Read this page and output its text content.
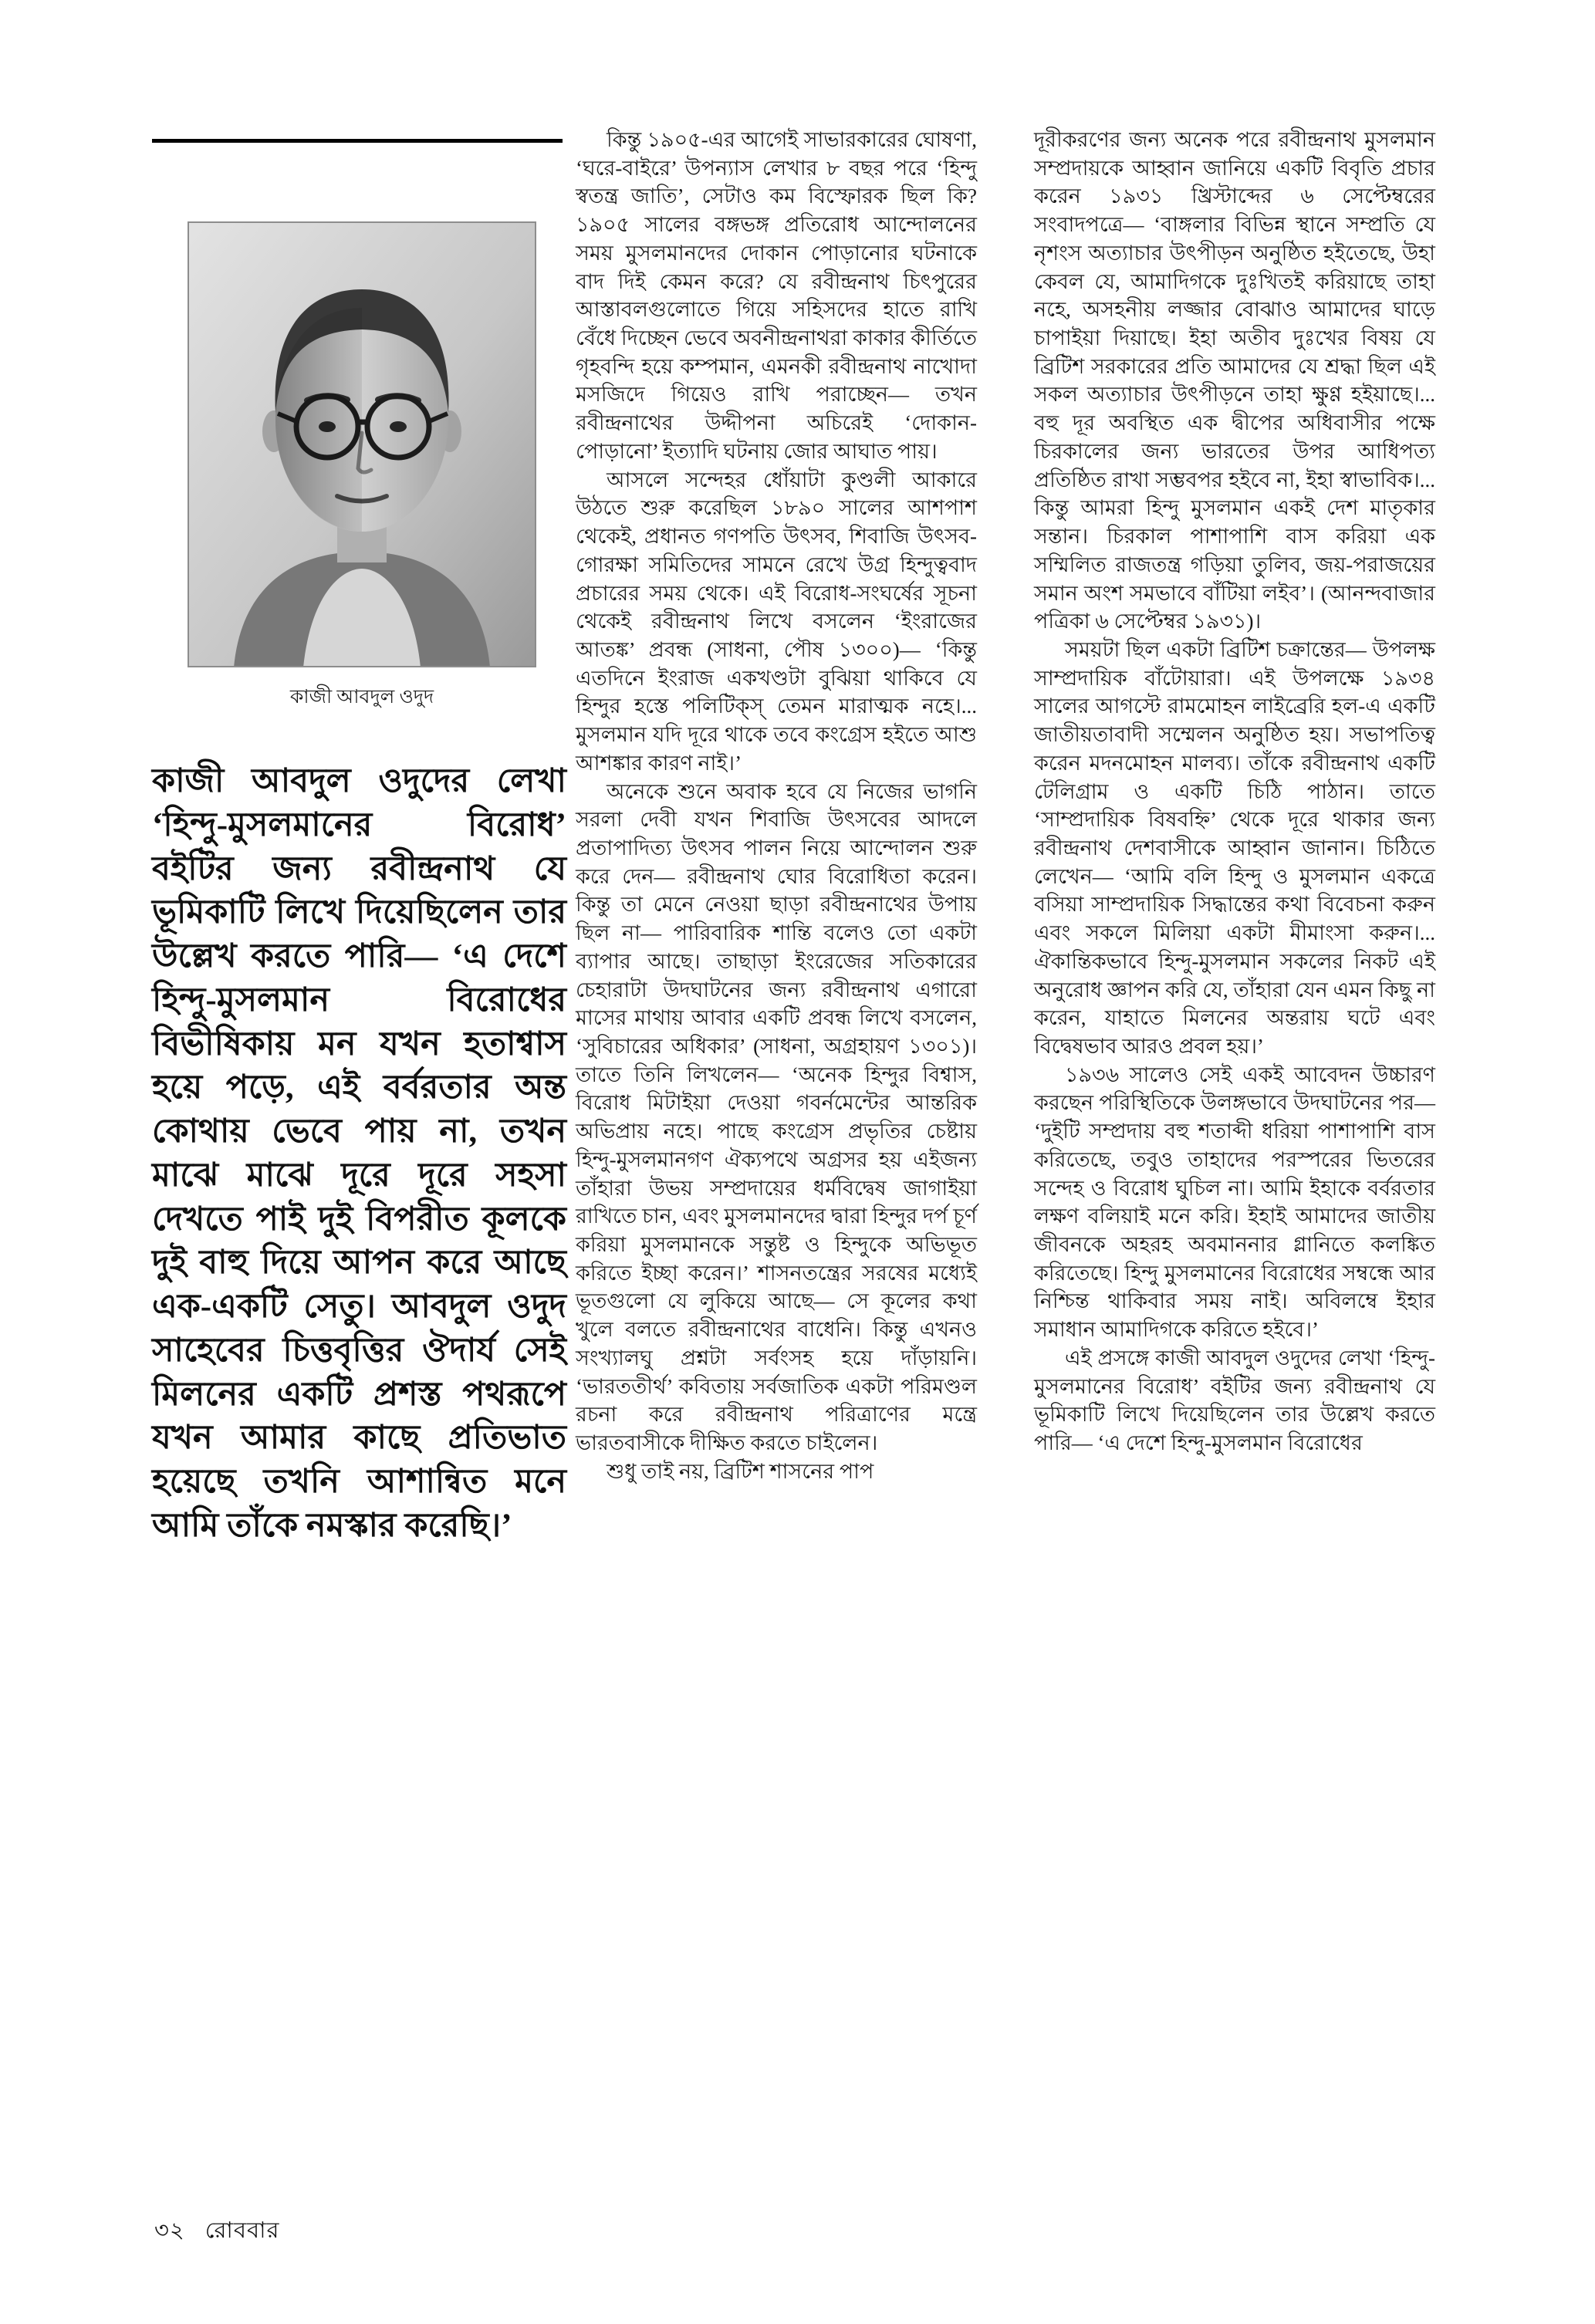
কাজী আবদুল ওদুদ
কাজী আবদুল ওদুদের লেখা ‘হিন্দু-মুসলমানের বিরোধ’ বইটির জন্য রবীন্দ্রনাথ যে ভূমিকাটি লিখে দিয়েছিলেন তার উল্লেখ করতে পারি— ‘এ দেশে হিন্দু-মুসলমান বিরোধের বিভীষিকায় মন যখন হতাশ্বাস হয়ে পড়ে, এই বর্বরতার অন্ত কোথায় ভেবে পায় না, তখন মাঝে মাঝে দূরে দূরে সহসা দেখতে পাই দুই বিপরীত কূলকে দুই বাহু দিয়ে আপন করে আছে এক-একটি সেতু। আবদুল ওদুদ সাহেবের চিত্তবৃত্তির ঔদার্য সেই মিলনের একটি প্রশস্ত পথরূপে যখন আমার কাছে প্রতিভাত হয়েছে তখনি আশান্বিত মনে আমি তাঁকে নমস্কার করেছি।’

কিন্তু ১৯০৫-এর আগেই সাভারকারের ঘোষণা, ‘ঘরে-বাইরে’ উপন্যাস লেখার ৮ বছর পরে ‘হিন্দু স্বতন্ত্র জাতি’, সেটাও কম বিস্ফোরক ছিল কি? ১৯০৫ সালের বঙ্গভঙ্গ প্রতিরোধ আন্দোলনের সময় মুসলমানদের দোকান পোড়ানোর ঘটনাকে বাদ দিই কেমন করে? যে রবীন্দ্রনাথ চিৎপুরের আস্তাবলগুলোতে গিয়ে সহিসদের হাতে রাখি বেঁধে দিচ্ছেন ভেবে অবনীন্দ্রনাথরা কাকার কীর্তিতে গৃহবন্দি হয়ে কম্পমান, এমনকী রবীন্দ্রনাথ নাখোদা মসজিদে গিয়েও রাখি পরাচ্ছেন— তখন রবীন্দ্রনাথের উদ্দীপনা অচিরেই ‘দোকান-পোড়ানো’ ইত্যাদি ঘটনায় জোর আঘাত পায়।

আসলে সন্দেহর ধোঁয়াটা কুণ্ডলী আকারে উঠতে শুরু করেছিল ১৮৯০ সালের আশপাশ থেকেই, প্রধানত গণপতি উৎসব, শিবাজি উৎসব-গোরক্ষা সমিতিদের সামনে রেখে উগ্র হিন্দুত্ববাদ প্রচারের সময় থেকে। এই বিরোধ-সংঘর্ষের সূচনা থেকেই রবীন্দ্রনাথ লিখে বসলেন ‘ইংরাজের আতঙ্ক’ প্রবন্ধ (সাধনা, পৌষ ১৩০০)— ‘কিন্তু এতদিনে ইংরাজ একখণ্ডটা বুঝিয়া থাকিবে যে হিন্দুর হস্তে পলিটিক্স্ তেমন মারাত্মক নহে।... মুসলমান যদি দূরে থাকে তবে কংগ্রেস হইতে আশু আশঙ্কার কারণ নাই।’

অনেকে শুনে অবাক হবে যে নিজের ভাগনি সরলা দেবী যখন শিবাজি উৎসবের আদলে প্রতাপাদিত্য উৎসব পালন নিয়ে আন্দোলন শুরু করে দেন— রবীন্দ্রনাথ ঘোর বিরোধিতা করেন। কিন্তু তা মেনে নেওয়া ছাড়া রবীন্দ্রনাথের উপায় ছিল না— পারিবারিক শান্তি বলেও তো একটা ব্যাপার আছে। তাছাড়া ইংরেজের সতিকারের চেহারাটা উদঘাটনের জন্য রবীন্দ্রনাথ এগারো মাসের মাথায় আবার একটি প্রবন্ধ লিখে বসলেন, ‘সুবিচারের অধিকার’ (সাধনা, অগ্রহায়ণ ১৩০১)। তাতে তিনি লিখলেন— ‘অনেক হিন্দুর বিশ্বাস, বিরোধ মিটাইয়া দেওয়া গবর্নমেন্টের আন্তরিক অভিপ্রায় নহে। পাছে কংগ্রেস প্রভৃতির চেষ্টায় হিন্দু-মুসলমানগণ ঐক্যপথে অগ্রসর হয় এইজন্য তাঁহারা উভয় সম্প্রদায়ের ধর্মবিদ্বেষ জাগাইয়া রাখিতে চান, এবং মুসলমানদের দ্বারা হিন্দুর দর্প চূর্ণ করিয়া মুসলমানকে সন্তুষ্ট ও হিন্দুকে অভিভূত করিতে ইচ্ছা করেন।’ শাসনতন্ত্রের সরষের মধ্যেই ভূতগুলো যে লুকিয়ে আছে— সে কূলের কথা খুলে বলতে রবীন্দ্রনাথের বাধেনি। কিন্তু এখনও সংখ্যালঘু প্রশ্নটা সর্বংসহ হয়ে দাঁড়ায়নি। ‘ভারততীর্থ’ কবিতায় সর্বজাতিক একটা পরিমণ্ডল রচনা করে রবীন্দ্রনাথ পরিত্রাণের মন্ত্রে ভারতবাসীকে দীক্ষিত করতে চাইলেন।

শুধু তাই নয়, ব্রিটিশ শাসনের পাপ

দূরীকরণের জন্য অনেক পরে রবীন্দ্রনাথ মুসলমান সম্প্রদায়কে আহ্বান জানিয়ে একটি বিবৃতি প্রচার করেন ১৯৩১ খ্রিস্টাব্দের ৬ সেপ্টেম্বরের সংবাদপত্রে— ‘বাঙ্গলার বিভিন্ন স্থানে সম্প্রতি যে নৃশংস অত্যাচার উৎপীড়ন অনুষ্ঠিত হইতেছে, উহা কেবল যে, আমাদিগকে দুঃখিতই করিয়াছে তাহা নহে, অসহনীয় লজ্জার বোঝাও আমাদের ঘাড়ে চাপাইয়া দিয়াছে। ইহা অতীব দুঃখের বিষয় যে ব্রিটিশ সরকারের প্রতি আমাদের যে শ্রদ্ধা ছিল এই সকল অত্যাচার উৎপীড়নে তাহা ক্ষুণ্ণ হইয়াছে।... বহু দূর অবস্থিত এক দ্বীপের অধিবাসীর পক্ষে চিরকালের জন্য ভারতের উপর আধিপত্য প্রতিষ্ঠিত রাখা সম্ভবপর হইবে না, ইহা স্বাভাবিক।... কিন্তু আমরা হিন্দু মুসলমান একই দেশ মাতৃকার সন্তান। চিরকাল পাশাপাশি বাস করিয়া এক সম্মিলিত রাজতন্ত্র গড়িয়া তুলিব, জয়-পরাজয়ের সমান অংশ সমভাবে বাঁটিয়া লইব’। (আনন্দবাজার পত্রিকা ৬ সেপ্টেম্বর ১৯৩১)।

সময়টা ছিল একটা ব্রিটিশ চক্রান্তের— উপলক্ষ সাম্প্রদায়িক বাঁটোয়ারা। এই উপলক্ষে ১৯৩৪ সালের আগস্টে রামমোহন লাইব্রেরি হল-এ একটি জাতীয়তাবাদী সম্মেলন অনুষ্ঠিত হয়। সভাপতিত্ব করেন মদনমোহন মালব্য। তাঁকে রবীন্দ্রনাথ একটি টেলিগ্রাম ও একটি চিঠি পাঠান। তাতে ‘সাম্প্রদায়িক বিষবহ্নি’ থেকে দূরে থাকার জন্য রবীন্দ্রনাথ দেশবাসীকে আহ্বান জানান। চিঠিতে লেখেন— ‘আমি বলি হিন্দু ও মুসলমান একত্রে বসিয়া সাম্প্রদায়িক সিদ্ধান্তের কথা বিবেচনা করুন এবং সকলে মিলিয়া একটা মীমাংসা করুন।... ঐকান্তিকভাবে হিন্দু-মুসলমান সকলের নিকট এই অনুরোধ জ্ঞাপন করি যে, তাঁহারা যেন এমন কিছু না করেন, যাহাতে মিলনের অন্তরায় ঘটে এবং বিদ্বেষভাব আরও প্রবল হয়।’

১৯৩৬ সালেও সেই একই আবেদন উচ্চারণ করছেন পরিস্থিতিকে উলঙ্গভাবে উদঘাটনের পর— ‘দুইটি সম্প্রদায় বহু শতাব্দী ধরিয়া পাশাপাশি বাস করিতেছে, তবুও তাহাদের পরস্পরের ভিতরের সন্দেহ ও বিরোধ ঘুচিল না। আমি ইহাকে বর্বরতার লক্ষণ বলিয়াই মনে করি। ইহাই আমাদের জাতীয় জীবনকে অহরহ অবমাননার গ্লানিতে কলঙ্কিত করিতেছে। হিন্দু মুসলমানের বিরোধের সম্বন্ধে আর নিশ্চিন্ত থাকিবার সময় নাই। অবিলম্বে ইহার সমাধান আমাদিগকে করিতে হইবে।’

এই প্রসঙ্গে কাজী আবদুল ওদুদের লেখা ‘হিন্দু-মুসলমানের বিরোধ’ বইটির জন্য রবীন্দ্রনাথ যে ভূমিকাটি লিখে দিয়েছিলেন তার উল্লেখ করতে পারি— ‘এ দেশে হিন্দু-মুসলমান বিরোধের

৩২ রোববার
